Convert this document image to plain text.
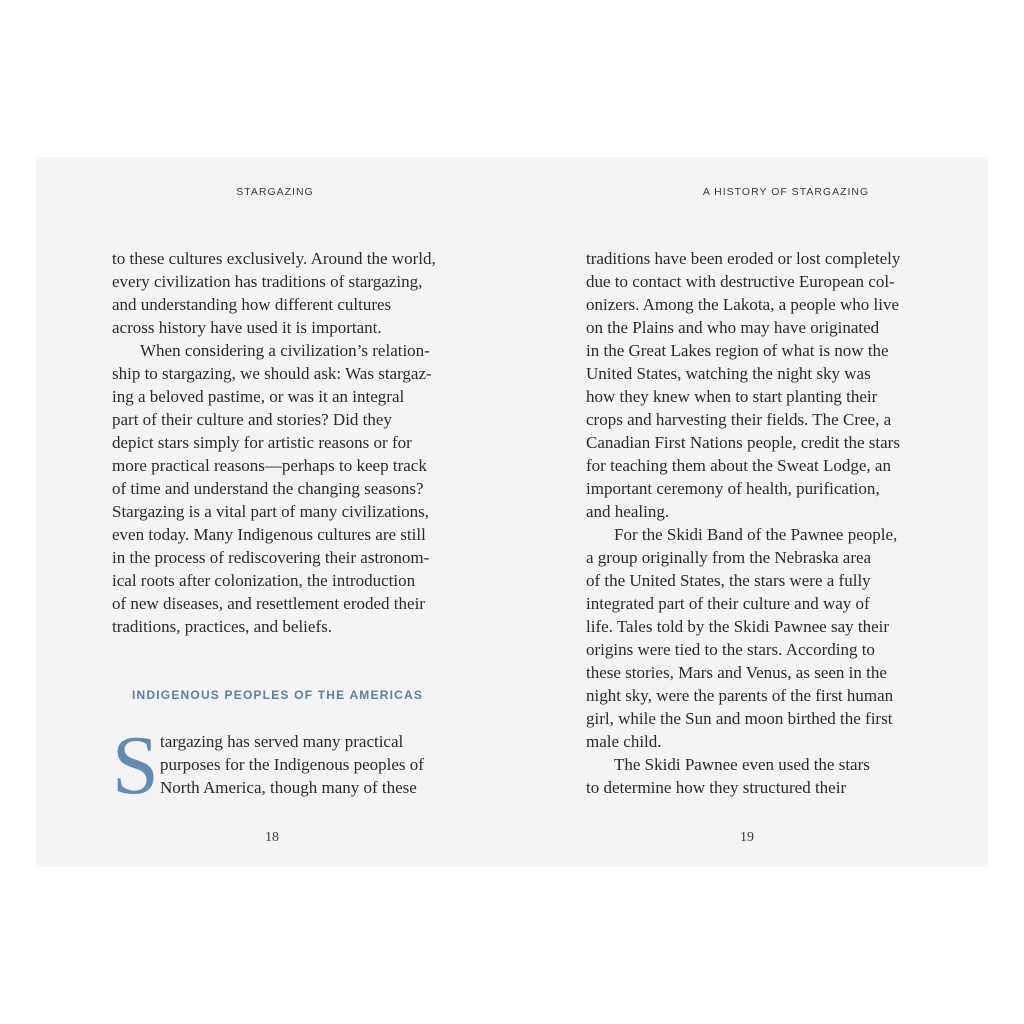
STARGAZING
to these cultures exclusively. Around the world,
every civilization has traditions of stargazing,
and understanding how different cultures
across history have used it is important.
When considering a civilization’s relation-
ship to stargazing, we should ask: Was stargaz-
ing a beloved pastime, or was it an integral
part of their culture and stories? Did they
depict stars simply for artistic reasons or for
more practical reasons—perhaps to keep track
of time and understand the changing seasons?
Stargazing is a vital part of many civilizations,
even today. Many Indigenous cultures are still
in the process of rediscovering their astronom-
ical roots after colonization, the introduction
of new diseases, and resettlement eroded their
traditions, practices, and beliefs.
INDIGENOUS PEOPLES OF THE AMERICAS
S targazing has served many practical
purposes for the Indigenous peoples of
North America, though many of these
18
A HISTORY OF STARGAZING
traditions have been eroded or lost completely
due to contact with destructive European col-
onizers. Among the Lakota, a people who live
on the Plains and who may have originated
in the Great Lakes region of what is now the
United States, watching the night sky was
how they knew when to start planting their
crops and harvesting their fields. The Cree, a
Canadian First Nations people, credit the stars
for teaching them about the Sweat Lodge, an
important ceremony of health, purification,
and healing.
For the Skidi Band of the Pawnee people,
a group originally from the Nebraska area
of the United States, the stars were a fully
integrated part of their culture and way of
life. Tales told by the Skidi Pawnee say their
origins were tied to the stars. According to
these stories, Mars and Venus, as seen in the
night sky, were the parents of the first human
girl, while the Sun and moon birthed the first
male child.
The Skidi Pawnee even used the stars
to determine how they structured their
19
